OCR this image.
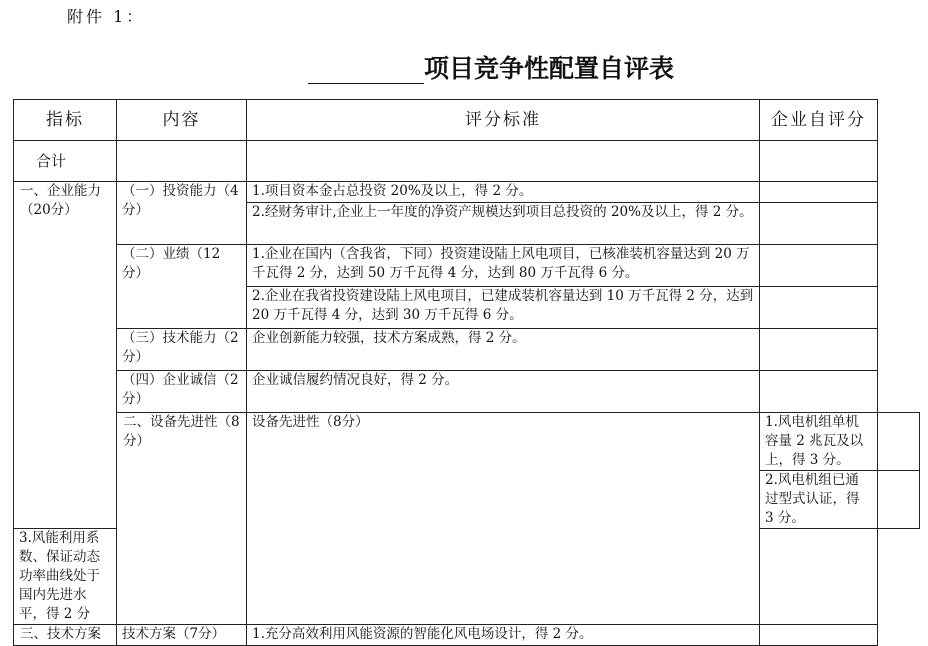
附件 1：
项目竞争性配置自评表
指标	内容	评分标准	企业自评分	
合计				
一、企业能力（20分）	（一）投资能力（4分）	1.项目资本金占总投资 20%及以上，得 2 分。		
		2.经财务审计,企业上一年度的净资产规模达到项目总投资的 20%及以上，得 2 分。		
	（二）业绩（12 分）	1.企业在国内（含我省，下同）投资建设陆上风电项目，已核准装机容量达到 20 万千瓦得 2 分，达到 50 万千瓦得 4 分，达到 80 万千瓦得 6 分。		
		2.企业在我省投资建设陆上风电项目，已建成装机容量达到 10 万千瓦得 2 分，达到 20 万千瓦得 4 分，达到 30 万千瓦得 6 分。		
	（三）技术能力（2分）	企业创新能力较强，技术方案成熟，得 2 分。		
	（四）企业诚信（2分）	企业诚信履约情况良好，得 2 分。		
	二、设备先进性（8 分）	设备先进性（8分）	1.风电机组单机容量 2 兆瓦及以上，得 3 分。	
			2.风电机组已通过型式认证，得 3 分。	
3.风能利用系数、保证动态功率曲线处于国内先进水平，得 2 分				
三、技术方案	技术方案（7分）	1.充分高效利用风能资源的智能化风电场设计，得 2 分。		
